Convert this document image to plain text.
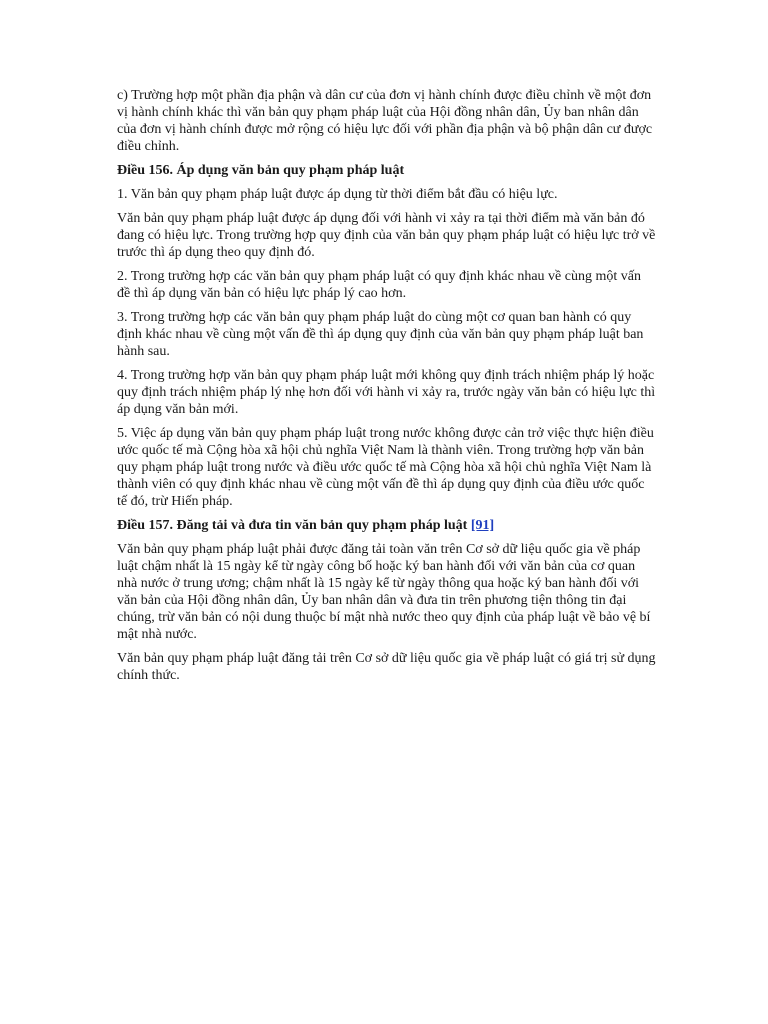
c) Trường hợp một phần địa phận và dân cư của đơn vị hành chính được điều chỉnh về một đơn vị hành chính khác thì văn bản quy phạm pháp luật của Hội đồng nhân dân, Ủy ban nhân dân của đơn vị hành chính được mở rộng có hiệu lực đối với phần địa phận và bộ phận dân cư được điều chỉnh.

Điều 156. Áp dụng văn bản quy phạm pháp luật

1. Văn bản quy phạm pháp luật được áp dụng từ thời điểm bắt đầu có hiệu lực.

Văn bản quy phạm pháp luật được áp dụng đối với hành vi xảy ra tại thời điểm mà văn bản đó đang có hiệu lực. Trong trường hợp quy định của văn bản quy phạm pháp luật có hiệu lực trở về trước thì áp dụng theo quy định đó.

2. Trong trường hợp các văn bản quy phạm pháp luật có quy định khác nhau về cùng một vấn đề thì áp dụng văn bản có hiệu lực pháp lý cao hơn.

3. Trong trường hợp các văn bản quy phạm pháp luật do cùng một cơ quan ban hành có quy định khác nhau về cùng một vấn đề thì áp dụng quy định của văn bản quy phạm pháp luật ban hành sau.

4. Trong trường hợp văn bản quy phạm pháp luật mới không quy định trách nhiệm pháp lý hoặc quy định trách nhiệm pháp lý nhẹ hơn đối với hành vi xảy ra, trước ngày văn bản có hiệu lực thì áp dụng văn bản mới.

5. Việc áp dụng văn bản quy phạm pháp luật trong nước không được cản trở việc thực hiện điều ước quốc tế mà Cộng hòa xã hội chủ nghĩa Việt Nam là thành viên. Trong trường hợp văn bản quy phạm pháp luật trong nước và điều ước quốc tế mà Cộng hòa xã hội chủ nghĩa Việt Nam là thành viên có quy định khác nhau về cùng một vấn đề thì áp dụng quy định của điều ước quốc tế đó, trừ Hiến pháp.

Điều 157. Đăng tải và đưa tin văn bản quy phạm pháp luật [91]

Văn bản quy phạm pháp luật phải được đăng tải toàn văn trên Cơ sở dữ liệu quốc gia về pháp luật chậm nhất là 15 ngày kể từ ngày công bố hoặc ký ban hành đối với văn bản của cơ quan nhà nước ở trung ương; chậm nhất là 15 ngày kể từ ngày thông qua hoặc ký ban hành đối với văn bản của Hội đồng nhân dân, Ủy ban nhân dân và đưa tin trên phương tiện thông tin đại chúng, trừ văn bản có nội dung thuộc bí mật nhà nước theo quy định của pháp luật về bảo vệ bí mật nhà nước.

Văn bản quy phạm pháp luật đăng tải trên Cơ sở dữ liệu quốc gia về pháp luật có giá trị sử dụng chính thức.
